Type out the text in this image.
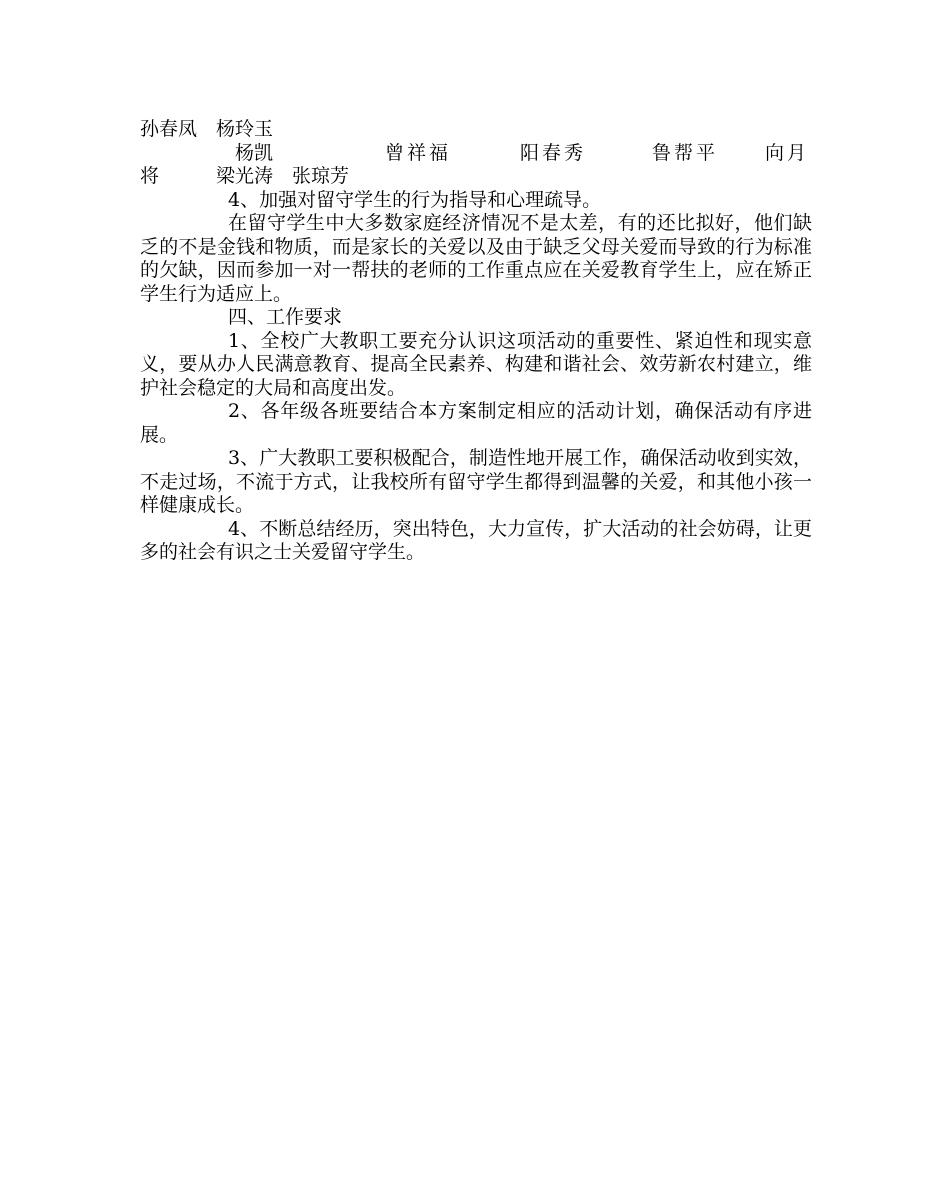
孙春凤 杨玲玉
杨凯	曾祥福	阳春秀	鲁帮平 向月
将	梁光涛 张琼芳
4、加强对留守学生的行为指导和心理疏导。

在留守学生中大多数家庭经济情况不是太差，有的还比拟好，他们缺乏的不是金钱和物质，而是家长的关爱以及由于缺乏父母关爱而导致的行为标准的欠缺，因而参加一对一帮扶的老师的工作重点应在关爱教育学生上，应在矫正学生行为适应上。

四、工作要求

1、全校广大教职工要充分认识这项活动的重要性、紧迫性和现实意义，要从办人民满意教育、提高全民素养、构建和谐社会、效劳新农村建立，维护社会稳定的大局和高度出发。

2、各年级各班要结合本方案制定相应的活动计划，确保活动有序进展。

3、广大教职工要积极配合，制造性地开展工作，确保活动收到实效，不走过场，不流于方式，让我校所有留守学生都得到温馨的关爱，和其他小孩一样健康成长。

4、不断总结经历，突出特色，大力宣传，扩大活动的社会妨碍，让更多的社会有识之士关爱留守学生。
